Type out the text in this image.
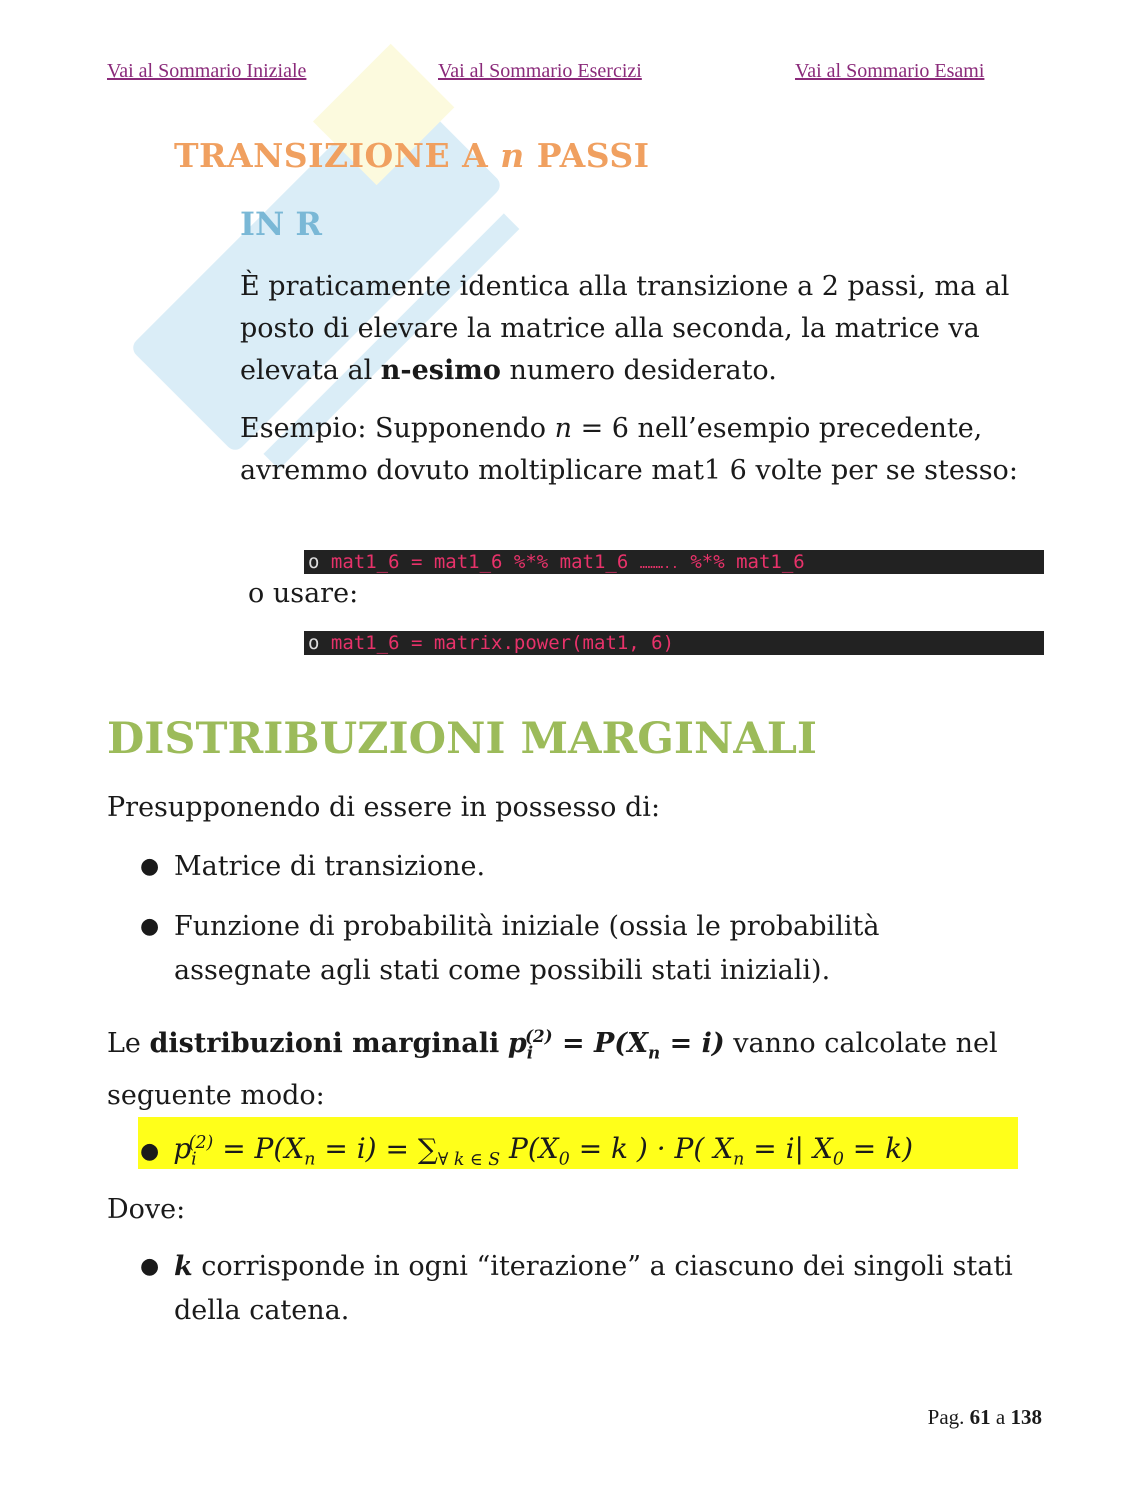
Vai al Sommario Iniziale	Vai al Sommario Esercizi	Vai al Sommario Esami
TRANSIZIONE A n PASSI
IN R

È praticamente identica alla transizione a 2 passi, ma al posto di elevare la matrice alla seconda, la matrice va elevata al n-esimo numero desiderato.

Esempio: Supponendo n = 6 nell’esempio precedente, avremmo dovuto moltiplicare mat1 6 volte per se stesso:

o mat1_6 = mat1_6 %*% mat1_6 ……….. %*% mat1_6

o usare:

o mat1_6 = matrix.power(mat1, 6)
DISTRIBUZIONI MARGINALI

Presupponendo di essere in possesso di:

● Matrice di transizione.
● Funzione di probabilità iniziale (ossia le probabilità assegnate agli stati come possibili stati iniziali).

Le distribuzioni marginali $p_i^{(2)} = P(X_n = i)$ vanno calcolate nel seguente modo:

● $p_i^{(2)} = P(X_n = i) = \sum_{\forall k \in S}$ $P(X_0 = k$ ) · P( $X_n = i|$ $X_0 = k$)

Dove:

● k corrisponde in ogni “iterazione” a ciascuno dei singoli stati della catena.
Pag. 61 a 138
